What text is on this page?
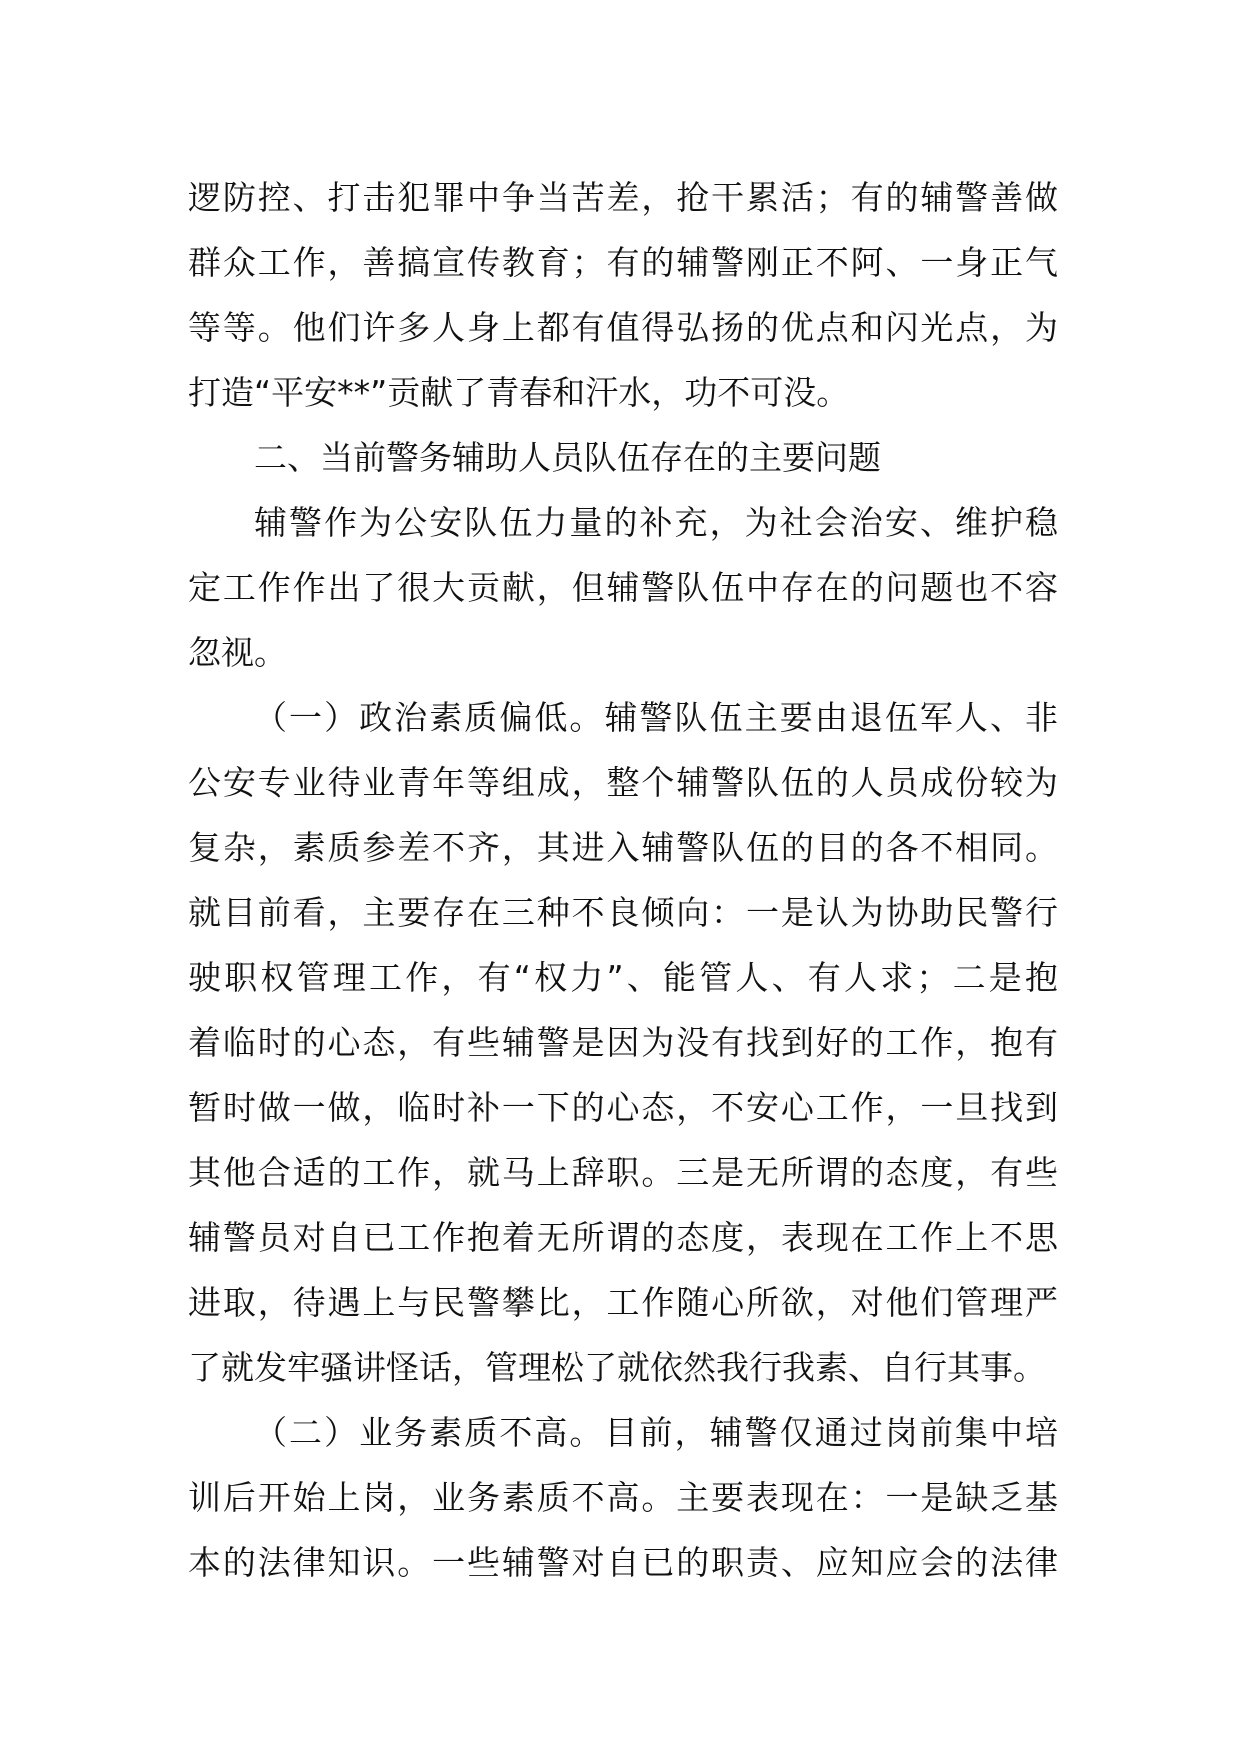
逻防控、打击犯罪中争当苦差，抢干累活；有的辅警善做
群众工作，善搞宣传教育；有的辅警刚正不阿、一身正气
等等。他们许多人身上都有值得弘扬的优点和闪光点，为
打造“平安**”贡献了青春和汗水，功不可没。
二、当前警务辅助人员队伍存在的主要问题
辅警作为公安队伍力量的补充，为社会治安、维护稳
定工作作出了很大贡献，但辅警队伍中存在的问题也不容
忽视。
（一）政治素质偏低。辅警队伍主要由退伍军人、非
公安专业待业青年等组成，整个辅警队伍的人员成份较为
复杂，素质参差不齐，其进入辅警队伍的目的各不相同。
就目前看，主要存在三种不良倾向：一是认为协助民警行
驶职权管理工作，有“权力”、能管人、有人求；二是抱
着临时的心态，有些辅警是因为没有找到好的工作，抱有
暂时做一做，临时补一下的心态，不安心工作，一旦找到
其他合适的工作，就马上辞职。三是无所谓的态度，有些
辅警员对自已工作抱着无所谓的态度，表现在工作上不思
进取，待遇上与民警攀比，工作随心所欲，对他们管理严
了就发牢骚讲怪话，管理松了就依然我行我素、自行其事。
（二）业务素质不高。目前，辅警仅通过岗前集中培
训后开始上岗，业务素质不高。主要表现在：一是缺乏基
本的法律知识。一些辅警对自已的职责、应知应会的法律
